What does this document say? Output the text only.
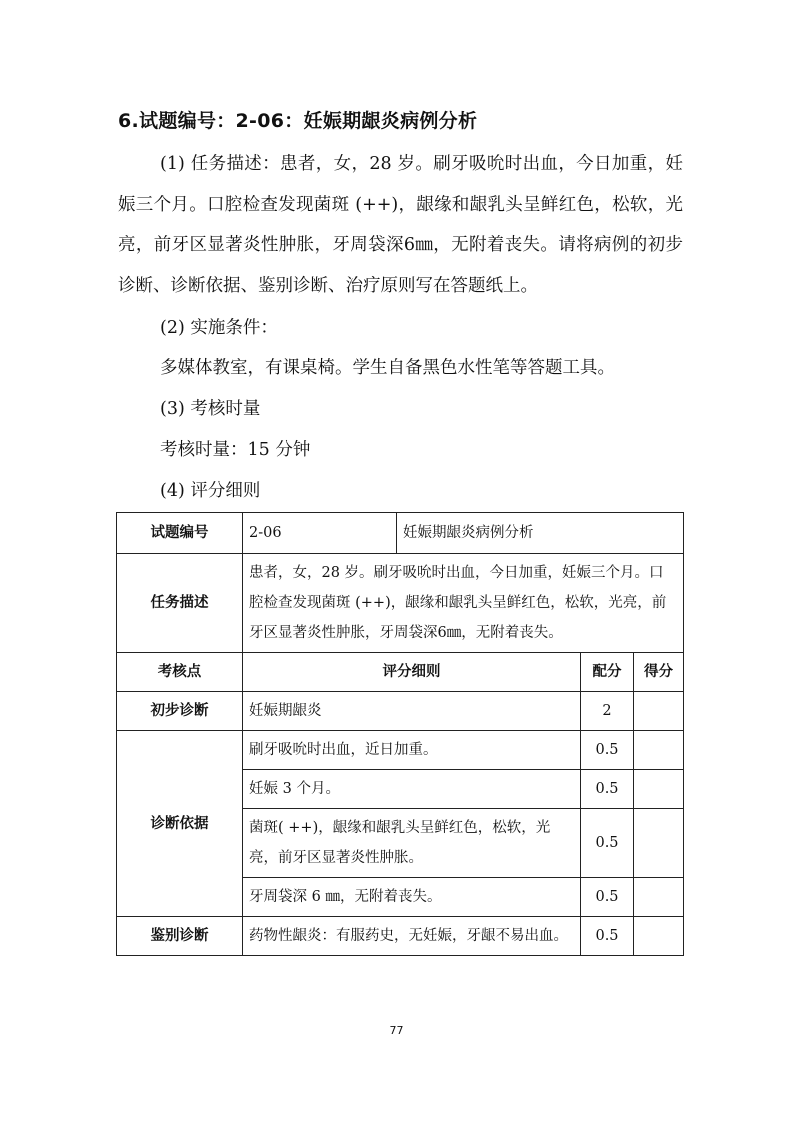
6.试题编号：2-06：妊娠期龈炎病例分析
(1) 任务描述：患者，女，28 岁。刷牙吸吮时出血，今日加重，妊娠三个月。口腔检查发现菌斑 (++)，龈缘和龈乳头呈鲜红色，松软，光亮，前牙区显著炎性肿胀，牙周袋深6㎜，无附着丧失。请将病例的初步诊断、诊断依据、鉴别诊断、治疗原则写在答题纸上。
(2) 实施条件：
多媒体教室，有课桌椅。学生自备黑色水性笔等答题工具。
(3) 考核时量
考核时量：15 分钟
(4) 评分细则
试题编号	2-06	妊娠期龈炎病例分析		
任务描述	患者，女，28 岁。刷牙吸吮时出血，今日加重，妊娠三个月。口腔检查发现菌斑 (++)，龈缘和龈乳头呈鲜红色，松软，光亮，前牙区显著炎性肿胀，牙周袋深6㎜，无附着丧失。			
考核点	评分细则		配分	得分
初步诊断	妊娠期龈炎		2	
诊断依据	刷牙吸吮时出血，近日加重。		0.5	
	妊娠 3 个月。		0.5	
	菌斑( ++)，龈缘和龈乳头呈鲜红色，松软，光亮，前牙区显著炎性肿胀。		0.5	
	牙周袋深 6 ㎜，无附着丧失。		0.5	
鉴别诊断	药物性龈炎：有服药史，无妊娠，牙龈不易出血。		0.5	
77
